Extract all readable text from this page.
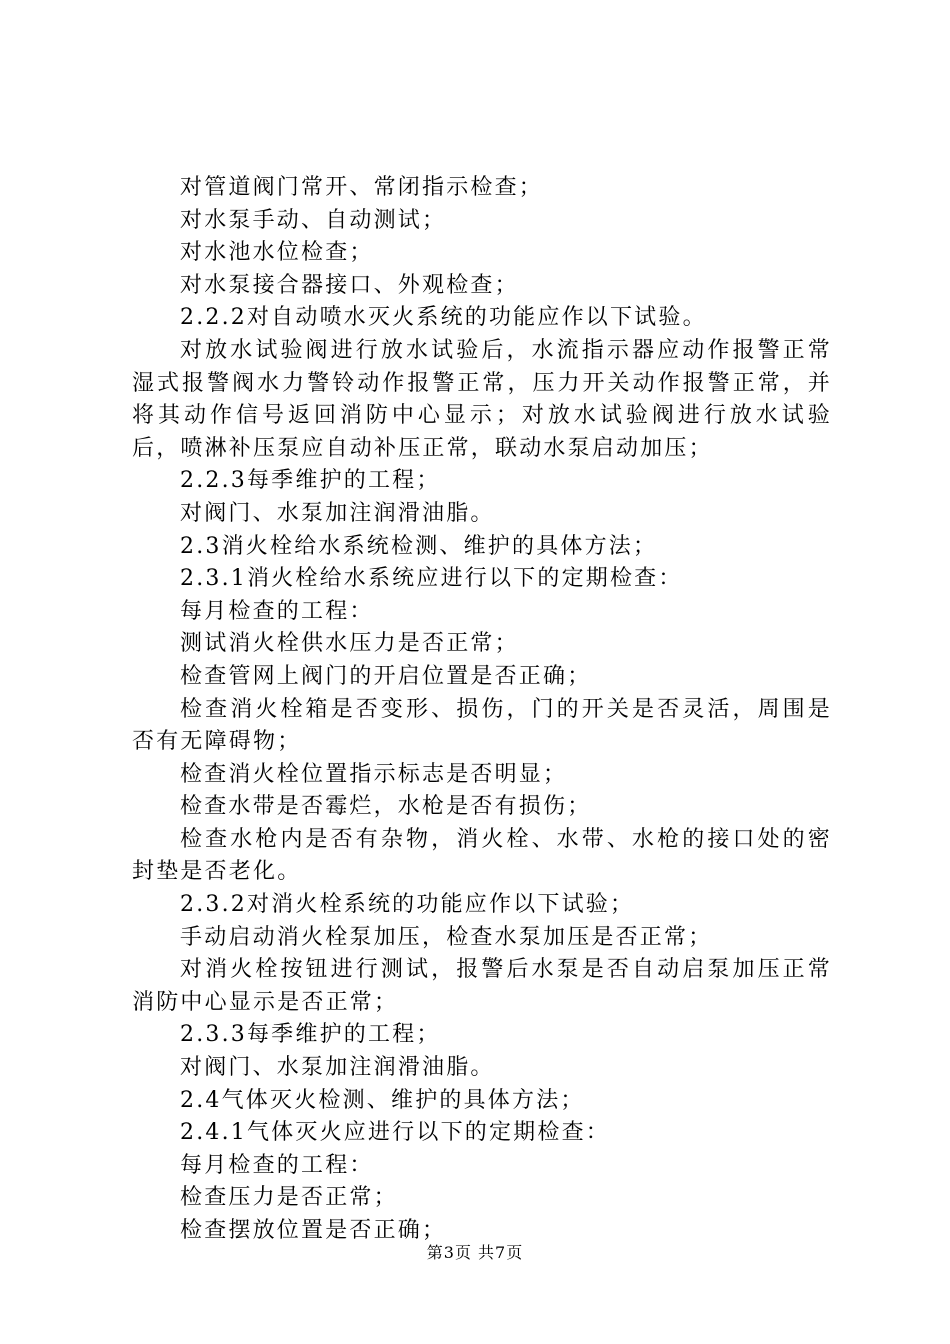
对管道阀门常开、常闭指示检查；

对水泵手动、自动测试；

对水池水位检查；

对水泵接合器接口、外观检查；

2.2.2对自动喷水灭火系统的功能应作以下试验。

对放水试验阀进行放水试验后，水流指示器应动作报警正常湿式报警阀水力警铃动作报警正常，压力开关动作报警正常，并将其动作信号返回消防中心显示；对放水试验阀进行放水试验后，喷淋补压泵应自动补压正常，联动水泵启动加压；

2.2.3每季维护的工程；

对阀门、水泵加注润滑油脂。

2.3消火栓给水系统检测、维护的具体方法；

2.3.1消火栓给水系统应进行以下的定期检查：

每月检查的工程：

测试消火栓供水压力是否正常；

检查管网上阀门的开启位置是否正确；

检查消火栓箱是否变形、损伤，门的开关是否灵活，周围是否有无障碍物；

检查消火栓位置指示标志是否明显；

检查水带是否霉烂，水枪是否有损伤；

检查水枪内是否有杂物，消火栓、水带、水枪的接口处的密封垫是否老化。

2.3.2对消火栓系统的功能应作以下试验；

手动启动消火栓泵加压，检查水泵加压是否正常；

对消火栓按钮进行测试，报警后水泵是否自动启泵加压正常消防中心显示是否正常；

2.3.3每季维护的工程；

对阀门、水泵加注润滑油脂。

2.4气体灭火检测、维护的具体方法；

2.4.1气体灭火应进行以下的定期检查：

每月检查的工程：

检查压力是否正常；

检查摆放位置是否正确；

第3页 共7页
